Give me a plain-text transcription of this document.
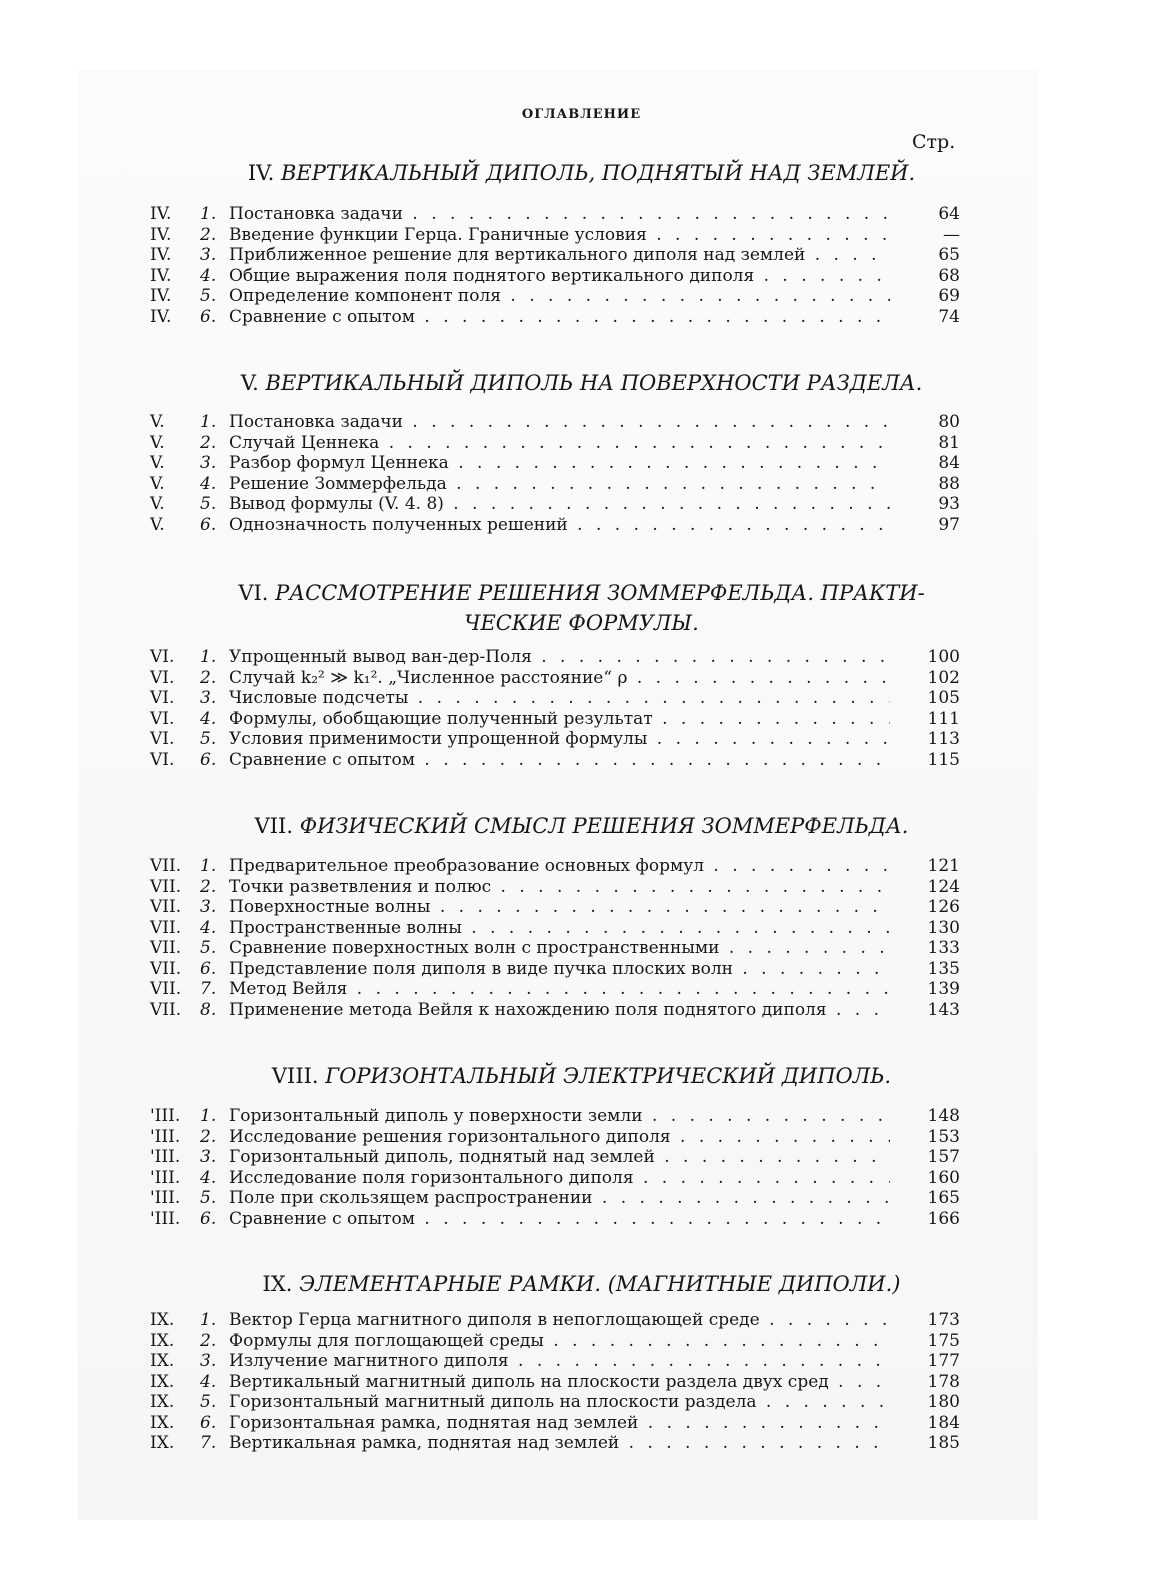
ОГЛАВЛЕНИЕ
Стр.
IV. ВЕРТИКАЛЬНЫЙ ДИПОЛЬ, ПОДНЯТЫЙ НАД ЗЕМЛЕЙ.
IV.	1. Постановка задачи . . .	64
IV.	2. Введение функции Герца. Граничные условия . . .	—
IV.	3. Приближенное решение для вертикального диполя над землей . . .	65
IV.	4. Общие выражения поля поднятого вертикального диполя . . .	68
IV.	5. Определение компонент поля . . .	69
IV.	6. Сравнение с опытом . . .	74
V. ВЕРТИКАЛЬНЫЙ ДИПОЛЬ НА ПОВЕРХНОСТИ РАЗДЕЛА.
V.	1. Постановка задачи . . .	80
V.	2. Случай Ценнека . . .	81
V.	3. Разбор формул Ценнека . . .	84
V.	4. Решение Зоммерфельда . . .	88
V.	5. Вывод формулы (V. 4. 8) . . .	93
V.	6. Однозначность полученных решений . . .	97
VI. РАССМОТРЕНИЕ РЕШЕНИЯ ЗОММЕРФЕЛЬДА. ПРАКТИ-
ЧЕСКИЕ ФОРМУЛЫ.
VI.	1. Упрощенный вывод ван-дер-Поля . . .	100
VI.	2. Случай k₂² ≫ k₁². „Численное расстояние“ ρ . . .	102
VI.	3. Числовые подсчеты . . .	105
VI.	4. Формулы, обобщающие полученный результат . . .	111
VI.	5. Условия применимости упрощенной формулы . . .	113
VI.	6. Сравнение с опытом . . .	115
VII. ФИЗИЧЕСКИЙ СМЫСЛ РЕШЕНИЯ ЗОММЕРФЕЛЬДА.
VII.	1. Предварительное преобразование основных формул . . .	121
VII.	2. Точки разветвления и полюс . . .	124
VII.	3. Поверхностные волны . . .	126
VII.	4. Пространственные волны . . .	130
VII.	5. Сравнение поверхностных волн с пространственными . . .	133
VII.	6. Представление поля диполя в виде пучка плоских волн . . .	135
VII.	7. Метод Вейля . . .	139
VII.	8. Применение метода Вейля к нахождению поля поднятого диполя . . .	143
VIII. ГОРИЗОНТАЛЬНЫЙ ЭЛЕКТРИЧЕСКИЙ ДИПОЛЬ.
'III.	1. Горизонтальный диполь у поверхности земли . . .	148
'III.	2. Исследование решения горизонтального диполя . . .	153
'III.	3. Горизонтальный диполь, поднятый над землей . . .	157
'III.	4. Исследование поля горизонтального диполя . . .	160
'III.	5. Поле при скользящем распространении . . .	165
'III.	6. Сравнение с опытом . . .	166
IX. ЭЛЕМЕНТАРНЫЕ РАМКИ. (МАГНИТНЫЕ ДИПОЛИ.)
IX.	1. Вектор Герца магнитного диполя в непоглощающей среде . . .	173
IX.	2. Формулы для поглощающей среды . . .	175
IX.	3. Излучение магнитного диполя . . .	177
IX.	4. Вертикальный магнитный диполь на плоскости раздела двух сред . . .	178
IX.	5. Горизонтальный магнитный диполь на плоскости раздела . . .	180
IX.	6. Горизонтальная рамка, поднятая над землей . . .	184
IX.	7. Вертикальная рамка, поднятая над землей . . .	185
